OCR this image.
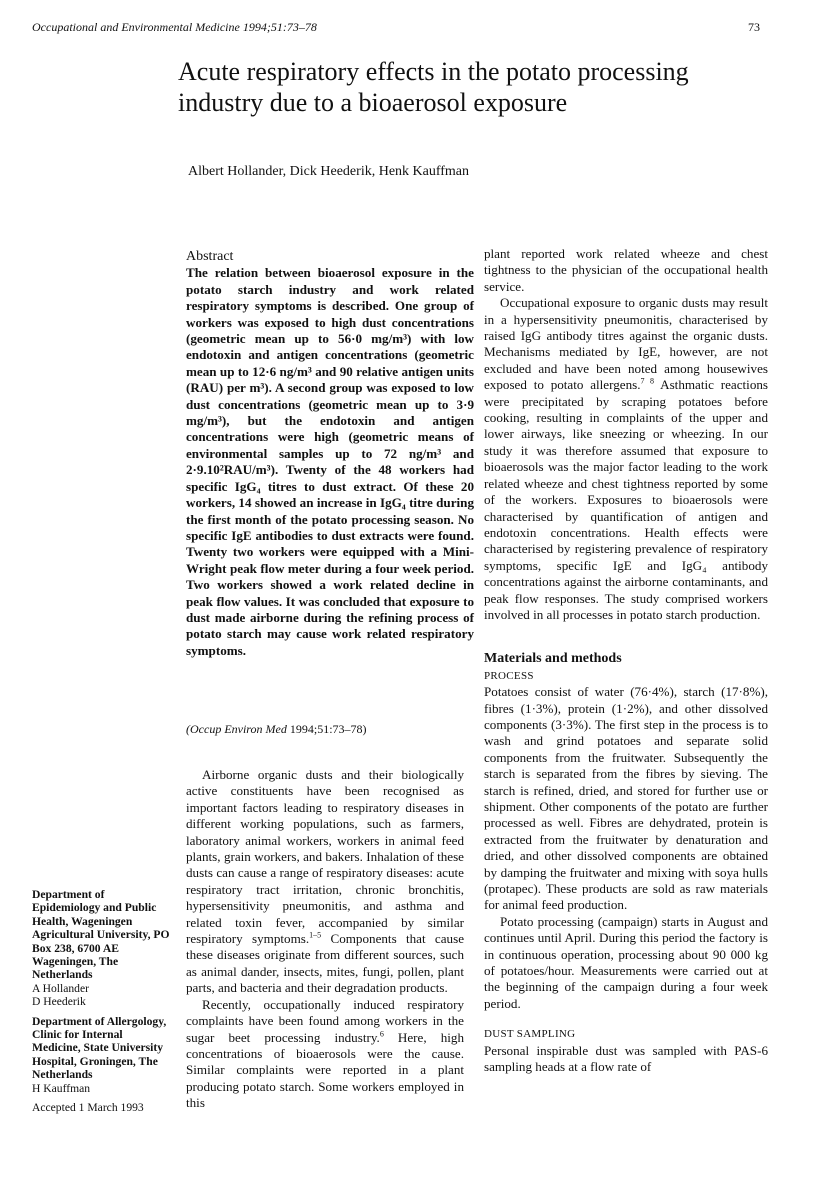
Occupational and Environmental Medicine 1994;51:73–78	73
Acute respiratory effects in the potato processing
industry due to a bioaerosol exposure
Albert Hollander, Dick Heederik, Henk Kauffman

Abstract

The relation between bioaerosol exposure in the potato starch industry and work related respiratory symptoms is described. One group of workers was exposed to high dust concentrations (geometric mean up to 56·0 mg/m³) with low endotoxin and antigen concentrations (geometric mean up to 12·6 ng/m³ and 90 relative antigen units (RAU) per m³). A second group was exposed to low dust concentrations (geometric mean up to 3·9 mg/m³), but the endotoxin and antigen concentrations were high (geometric means of environmental samples up to 72 ng/m³ and 2·9.10²RAU/m³). Twenty of the 48 workers had specific IgG₄ titres to dust extract. Of these 20 workers, 14 showed an increase in IgG₄ titre during the first month of the potato processing season. No specific IgE antibodies to dust extracts were found. Twenty two workers were equipped with a Mini-Wright peak flow meter during a four week period. Two workers showed a work related decline in peak flow values. It was concluded that exposure to dust made airborne during the refining process of potato starch may cause work related respiratory symptoms.

(Occup Environ Med 1994;51:73–78)

Airborne organic dusts and their biologically active constituents have been recognised as important factors leading to respiratory diseases in different working populations, such as farmers, laboratory animal workers, workers in animal feed plants, grain workers, and bakers. Inhalation of these dusts can cause a range of respiratory diseases: acute respiratory tract irritation, chronic bronchitis, hypersensitivity pneumonitis, and asthma and related toxin fever, accompanied by similar respiratory symptoms.$^{1-5}$ Components that cause these diseases originate from different sources, such as animal dander, insects, mites, fungi, pollen, plant parts, and bacteria and their degradation products.

Recently, occupationally induced respiratory complaints have been found among workers in the sugar beet processing industry.$^6$ Here, high concentrations of bioaerosols were the cause. Similar complaints were reported in a plant producing potato starch. Some workers employed in this

plant reported work related wheeze and chest tightness to the physician of the occupational health service.

Occupational exposure to organic dusts may result in a hypersensitivity pneumonitis, characterised by raised IgG antibody titres against the organic dusts. Mechanisms mediated by IgE, however, are not excluded and have been noted among housewives exposed to potato allergens.$^{7 8}$ Asthmatic reactions were precipitated by scraping potatoes before cooking, resulting in complaints of the upper and lower airways, like sneezing or wheezing. In our study it was therefore assumed that exposure to bioaerosols was the major factor leading to the work related wheeze and chest tightness reported by some of the workers. Exposures to bioaerosols were characterised by quantification of antigen and endotoxin concentrations. Health effects were characterised by registering prevalence of respiratory symptoms, specific IgE and IgG₄ antibody concentrations against the airborne contaminants, and peak flow responses. The study comprised workers involved in all processes in potato starch production.

Materials and methods

PROCESS

Potatoes consist of water (76·4%), starch (17·8%), fibres (1·3%), protein (1·2%), and other dissolved components (3·3%). The first step in the process is to wash and grind potatoes and separate solid components from the fruitwater. Subsequently the starch is separated from the fibres by sieving. The starch is refined, dried, and stored for further use or shipment. Other components of the potato are further processed as well. Fibres are dehydrated, protein is extracted from the fruitwater by denaturation and dried, and other dissolved components are obtained by damping the fruitwater and mixing with soya hulls (protapec). These products are sold as raw materials for animal feed production.

Potato processing (campaign) starts in August and continues until April. During this period the factory is in continuous operation, processing about 90 000 kg of potatoes/hour. Measurements were carried out at the beginning of the campaign during a four week period.

DUST SAMPLING

Personal inspirable dust was sampled with PAS-6 sampling heads at a flow rate of

Department of Epidemiology and Public Health, Wageningen Agricultural University, PO Box 238, 6700 AE Wageningen, The Netherlands
A Hollander
D Heederik
Department of Allergology, Clinic for Internal Medicine, State University Hospital, Groningen, The Netherlands
H Kauffman
Accepted 1 March 1993
